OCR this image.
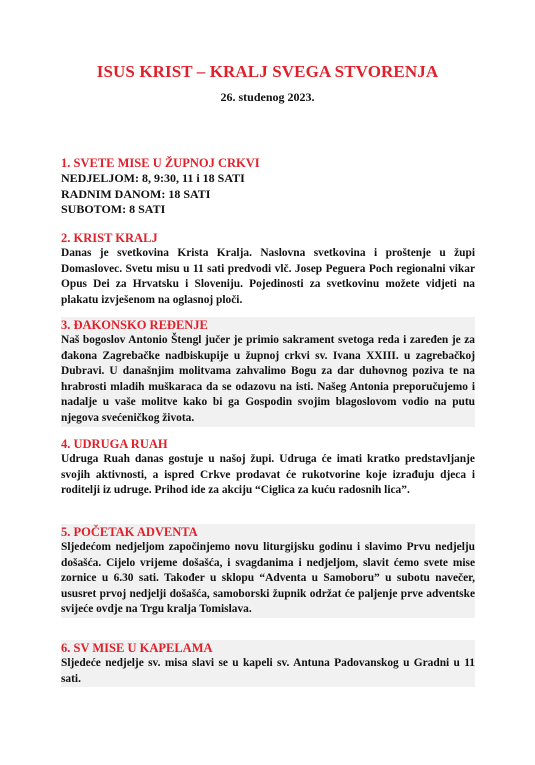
ISUS KRIST – KRALJ SVEGA STVORENJA
26. studenog 2023.

1. SVETE MISE U ŽUPNOJ CRKVI

NEDJELJOM: 8, 9:30, 11 i 18 SATI

RADNIM DANOM: 18 SATI

SUBOTOM: 8 SATI

2. KRIST KRALJ

Danas je svetkovina Krista Kralja. Naslovna svetkovina i proštenje u župi Domaslovec. Svetu misu u 11 sati predvodi vlč. Josep Peguera Poch regionalni vikar Opus Dei za Hrvatsku i Sloveniju. Pojedinosti za svetkovinu možete vidjeti na plakatu izvješenom na oglasnoj ploči.

3. ĐAKONSKO REĐENJE

Naš bogoslov Antonio Štengl jučer je primio sakrament svetoga reda i zaređen je za đakona Zagrebačke nadbiskupije u župnoj crkvi sv. Ivana XXIII. u zagrebačkoj Dubravi. U današnjim molitvama zahvalimo Bogu za dar duhovnog poziva te na hrabrosti mladih muškaraca da se odazovu na isti. Našeg Antonia preporučujemo i nadalje u vaše molitve kako bi ga Gospodin svojim blagoslovom vodio na putu njegova svećeničkog života.

4. UDRUGA RUAH

Udruga Ruah danas gostuje u našoj župi. Udruga će imati kratko predstavljanje svojih aktivnosti, a ispred Crkve prodavat će rukotvorine koje izrađuju djeca i roditelji iz udruge. Prihod ide za akciju “Ciglica za kuću radosnih lica”.

5. POČETAK ADVENTA

Sljedećom nedjeljom započinjemo novu liturgijsku godinu i slavimo Prvu nedjelju došašća. Cijelo vrijeme došašća, i svagdanima i nedjeljom, slavit ćemo svete mise zornice u 6.30 sati. Također u sklopu “Adventa u Samoboru” u subotu navečer, ususret prvoj nedjelji došašća, samoborski župnik održat će paljenje prve adventske svijeće ovdje na Trgu kralja Tomislava.

6. SV MISE U KAPELAMA

Sljedeće nedjelje sv. misa slavi se u kapeli sv. Antuna Padovanskog u Gradni u 11 sati.
